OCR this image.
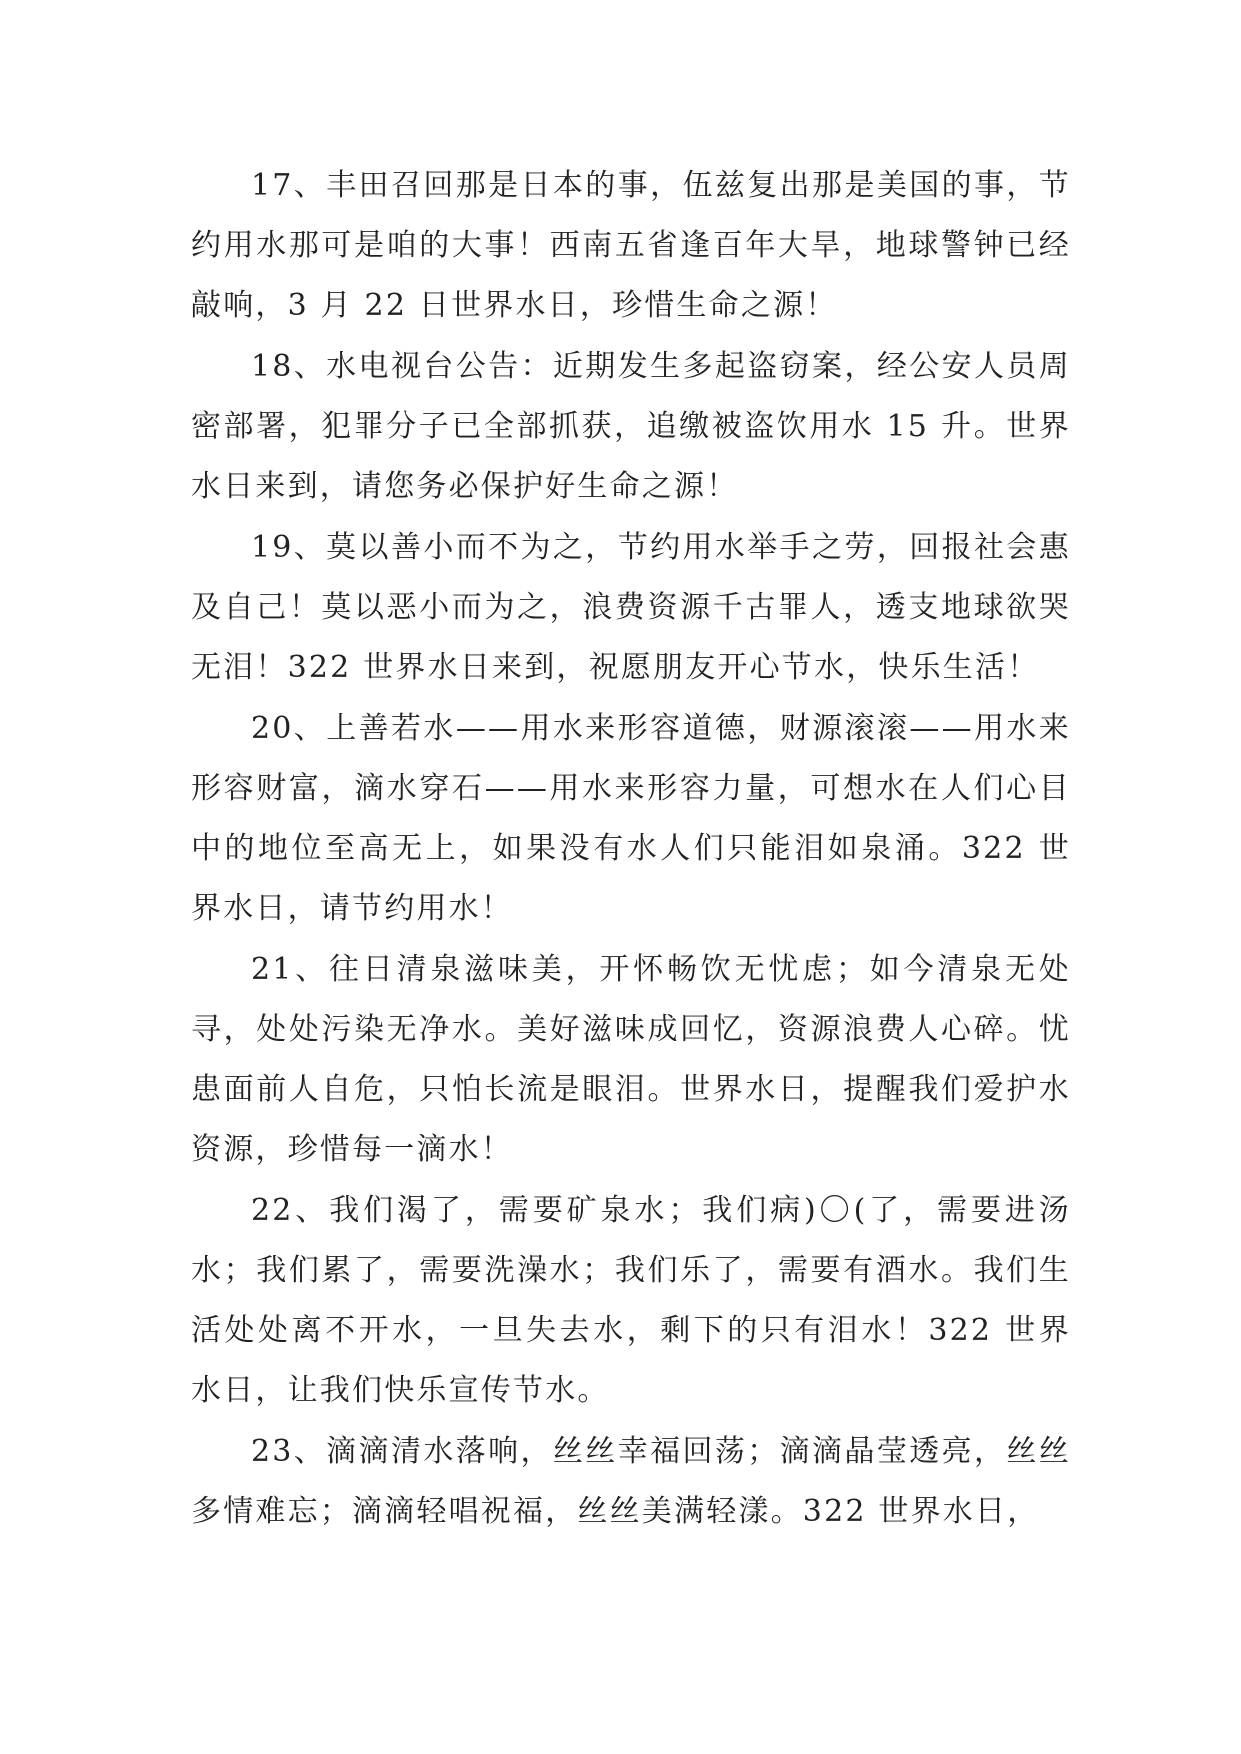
17、丰田召回那是日本的事，伍兹复出那是美国的事，节约用水那可是咱的大事！西南五省逢百年大旱，地球警钟已经敲响，3 月 22 日世界水日，珍惜生命之源！

18、水电视台公告：近期发生多起盗窃案，经公安人员周密部署，犯罪分子已全部抓获，追缴被盗饮用水 15 升。世界水日来到，请您务必保护好生命之源！

19、莫以善小而不为之，节约用水举手之劳，回报社会惠及自己！莫以恶小而为之，浪费资源千古罪人，透支地球欲哭无泪！322 世界水日来到，祝愿朋友开心节水，快乐生活！

20、上善若水——用水来形容道德，财源滚滚——用水来形容财富，滴水穿石——用水来形容力量，可想水在人们心目中的地位至高无上，如果没有水人们只能泪如泉涌。322 世界水日，请节约用水！

21、往日清泉滋味美，开怀畅饮无忧虑；如今清泉无处寻，处处污染无净水。美好滋味成回忆，资源浪费人心碎。忧患面前人自危，只怕长流是眼泪。世界水日，提醒我们爱护水资源，珍惜每一滴水！

22、我们渴了，需要矿泉水；我们病)〇(了，需要进汤水；我们累了，需要洗澡水；我们乐了，需要有酒水。我们生活处处离不开水，一旦失去水，剩下的只有泪水！322 世界水日，让我们快乐宣传节水。

23、滴滴清水落响，丝丝幸福回荡；滴滴晶莹透亮，丝丝多情难忘；滴滴轻唱祝福，丝丝美满轻漾。322 世界水日，
